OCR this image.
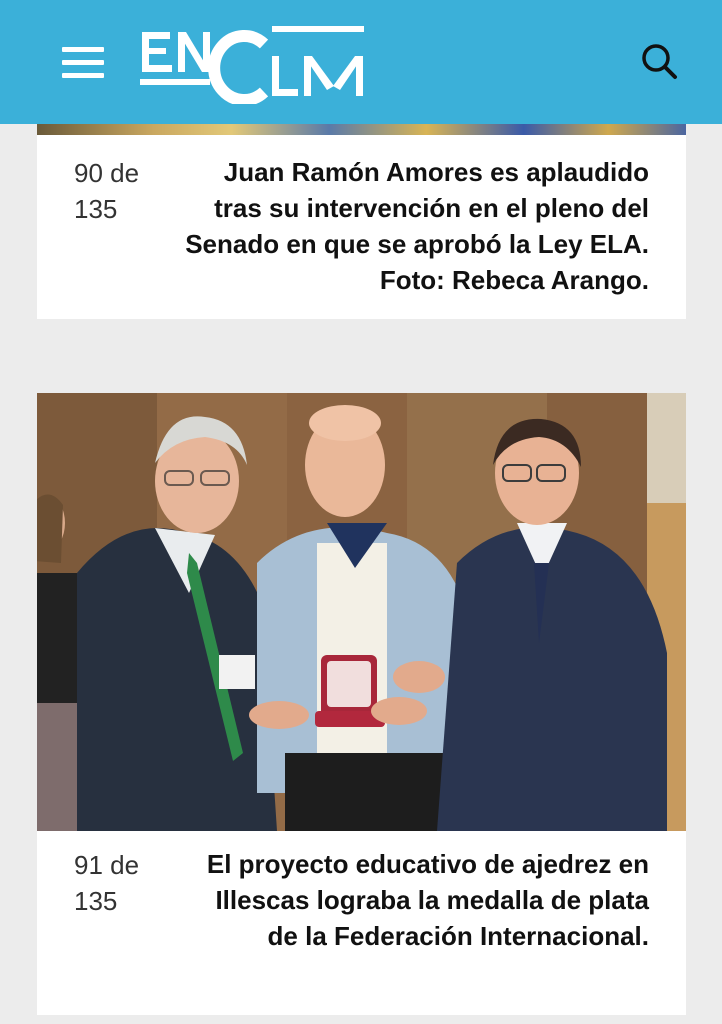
90 de
135
Juan Ramón Amores es aplaudido tras su intervención en el pleno del Senado en que se aprobó la Ley ELA. Foto: Rebeca Arango.
91 de
135
El proyecto educativo de ajedrez en Illescas lograba la medalla de plata de la Federación Internacional.
